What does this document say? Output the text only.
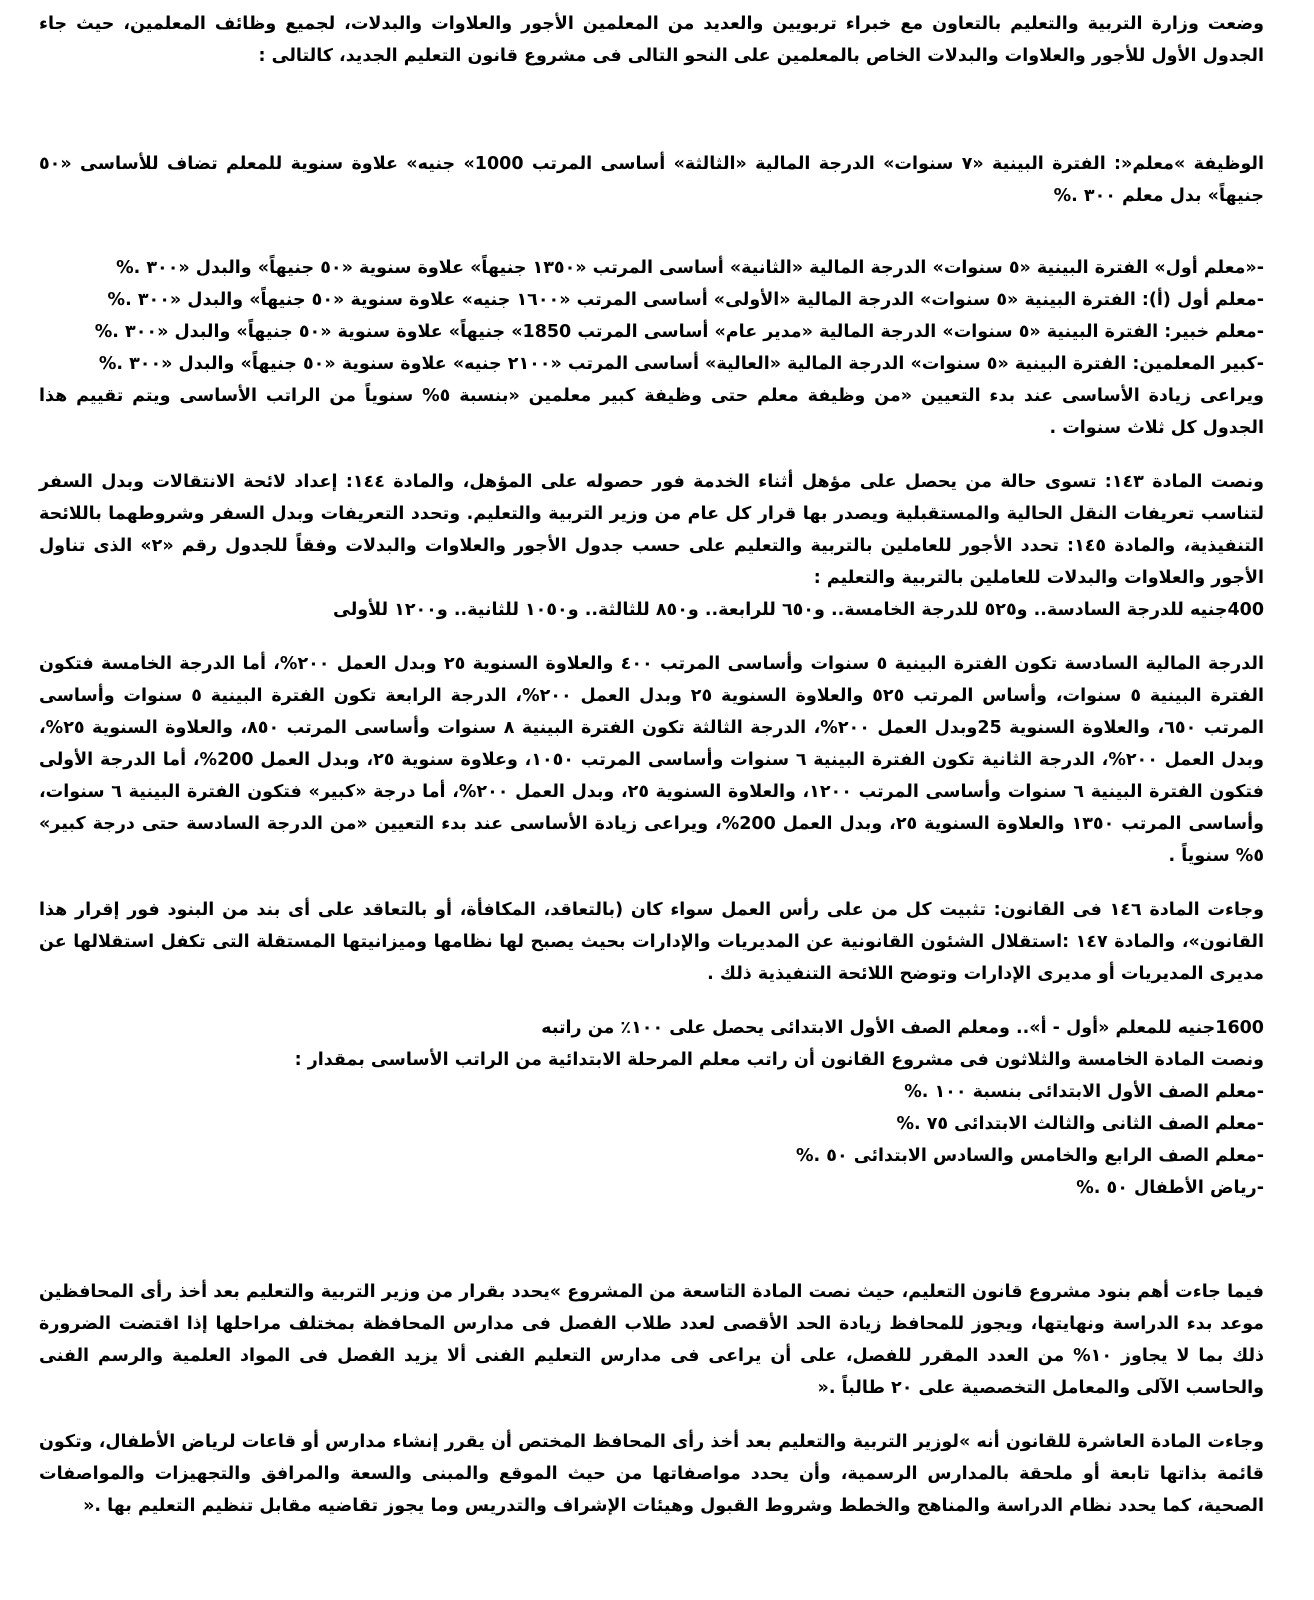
وضعت وزارة التربية والتعليم بالتعاون مع خبراء تربويين والعديد من المعلمين الأجور والعلاوات والبدلات، لجميع وظائف المعلمين، حيث جاء الجدول الأول للأجور والعلاوات والبدلات الخاص بالمعلمين على النحو التالى فى مشروع قانون التعليم الجديد، كالتالى :

الوظيفة »معلم«: الفترة البينية «٧ سنوات» الدرجة المالية «الثالثة» أساسى المرتب 1000» جنيه» علاوة سنوية للمعلم تضاف للأساسى «٥٠ جنيهاً» بدل معلم ٣٠٠ .%

-«معلم أول» الفترة البينية «٥ سنوات» الدرجة المالية «الثانية» أساسى المرتب «١٣٥٠ جنيهاً» علاوة سنوية «٥٠ جنيهاً» والبدل «٣٠٠ .%

-معلم أول (أ): الفترة البينية «٥ سنوات» الدرجة المالية «الأولى» أساسى المرتب «١٦٠٠ جنيه» علاوة سنوية «٥٠ جنيهاً» والبدل «٣٠٠ .%

-معلم خبير: الفترة البينية «٥ سنوات» الدرجة المالية «مدير عام» أساسى المرتب 1850» جنيهاً» علاوة سنوية «٥٠ جنيهاً» والبدل «٣٠٠ .%

-كبير المعلمين: الفترة البينية «٥ سنوات» الدرجة المالية «العالية» أساسى المرتب «٢١٠٠ جنيه» علاوة سنوية «٥٠ جنيهاً» والبدل «٣٠٠ .%

ويراعى زيادة الأساسى عند بدء التعيين «من وظيفة معلم حتى وظيفة كبير معلمين «بنسبة ٥% سنوياً من الراتب الأساسى ويتم تقييم هذا الجدول كل ثلاث سنوات .

ونصت المادة ١٤٣: تسوى حالة من يحصل على مؤهل أثناء الخدمة فور حصوله على المؤهل، والمادة ١٤٤: إعداد لائحة الانتقالات وبدل السفر لتناسب تعريفات النقل الحالية والمستقبلية ويصدر بها قرار كل عام من وزير التربية والتعليم. وتحدد التعريفات وبدل السفر وشروطهما باللائحة التنفيذية، والمادة ١٤٥: تحدد الأجور للعاملين بالتربية والتعليم على حسب جدول الأجور والعلاوات والبدلات وفقاً للجدول رقم «٢» الذى تناول الأجور والعلاوات والبدلات للعاملين بالتربية والتعليم :

400جنيه للدرجة السادسة.. و٥٢٥ للدرجة الخامسة.. و٦٥٠ للرابعة.. و٨٥٠ للثالثة.. و١٠٥٠ للثانية.. و١٢٠٠ للأولى

الدرجة المالية السادسة تكون الفترة البينية ٥ سنوات وأساسى المرتب ٤٠٠ والعلاوة السنوية ٢٥ وبدل العمل ٢٠٠%، أما الدرجة الخامسة فتكون الفترة البينية ٥ سنوات، وأساس المرتب ٥٢٥ والعلاوة السنوية ٢٥ وبدل العمل ٢٠٠%، الدرجة الرابعة تكون الفترة البينية ٥ سنوات وأساسى المرتب ٦٥٠، والعلاوة السنوية 25وبدل العمل ٢٠٠%، الدرجة الثالثة تكون الفترة البينية ٨ سنوات وأساسى المرتب ٨٥٠، والعلاوة السنوية ٢٥%، وبدل العمل ٢٠٠%، الدرجة الثانية تكون الفترة البينية ٦ سنوات وأساسى المرتب ١٠٥٠، وعلاوة سنوية ٢٥، وبدل العمل 200%، أما الدرجة الأولى فتكون الفترة البينية ٦ سنوات وأساسى المرتب ١٢٠٠، والعلاوة السنوية ٢٥، وبدل العمل ٢٠٠%، أما درجة «كبير» فتكون الفترة البينية ٦ سنوات، وأساسى المرتب ١٣٥٠ والعلاوة السنوية ٢٥، وبدل العمل 200%، ويراعى زيادة الأساسى عند بدء التعيين «من الدرجة السادسة حتى درجة كبير» ٥% سنوياً .

وجاءت المادة ١٤٦ فى القانون: تثبيت كل من على رأس العمل سواء كان (بالتعاقد، المكافأة، أو بالتعاقد على أى بند من البنود فور إقرار هذا القانون»، والمادة ١٤٧ :استقلال الشئون القانونية عن المديريات والإدارات بحيث يصبح لها نظامها وميزانيتها المستقلة التى تكفل استقلالها عن مديرى المديريات أو مديرى الإدارات وتوضح اللائحة التنفيذية ذلك .

1600جنيه للمعلم «أول - أ».. ومعلم الصف الأول الابتدائى يحصل على ١٠٠٪ من راتبه

ونصت المادة الخامسة والثلاثون فى مشروع القانون أن راتب معلم المرحلة الابتدائية من الراتب الأساسى بمقدار :

-معلم الصف الأول الابتدائى بنسبة ١٠٠ .%

-معلم الصف الثانى والثالث الابتدائى ٧٥ .%

-معلم الصف الرابع والخامس والسادس الابتدائى ٥٠ .%

-رياض الأطفال ٥٠ .%

فيما جاءت أهم بنود مشروع قانون التعليم، حيث نصت المادة التاسعة من المشروع »يحدد بقرار من وزير التربية والتعليم بعد أخذ رأى المحافظين موعد بدء الدراسة ونهايتها، ويجوز للمحافظ زيادة الحد الأقصى لعدد طلاب الفصل فى مدارس المحافظة بمختلف مراحلها إذا اقتضت الضرورة ذلك بما لا يجاوز ١٠% من العدد المقرر للفصل، على أن يراعى فى مدارس التعليم الفنى ألا يزيد الفصل فى المواد العلمية والرسم الفنى والحاسب الآلى والمعامل التخصصية على ٢٠ طالباً .«

وجاءت المادة العاشرة للقانون أنه »لوزير التربية والتعليم بعد أخذ رأى المحافظ المختص أن يقرر إنشاء مدارس أو قاعات لرياض الأطفال، وتكون قائمة بذاتها تابعة أو ملحقة بالمدارس الرسمية، وأن يحدد مواصفاتها من حيث الموقع والمبنى والسعة والمرافق والتجهيزات والمواصفات الصحية، كما يحدد نظام الدراسة والمناهج والخطط وشروط القبول وهيئات الإشراف والتدريس وما يجوز تقاضيه مقابل تنظيم التعليم بها .«
